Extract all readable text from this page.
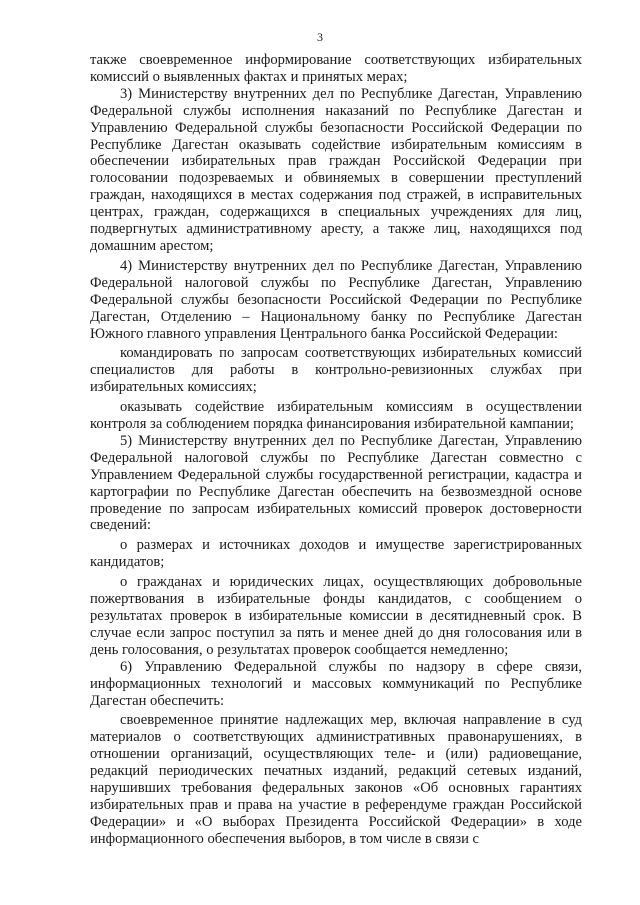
3

также своевременное информирование соответствующих избирательных комиссий о выявленных фактах и принятых мерах;

3) Министерству внутренних дел по Республике Дагестан, Управлению Федеральной службы исполнения наказаний по Республике Дагестан и Управлению Федеральной службы безопасности Российской Федерации по Республике Дагестан оказывать содействие избирательным комиссиям в обеспечении избирательных прав граждан Российской Федерации при голосовании подозреваемых и обвиняемых в совершении преступлений граждан, находящихся в местах содержания под стражей, в исправительных центрах, граждан, содержащихся в специальных учреждениях для лиц, подвергнутых административному аресту, а также лиц, находящихся под домашним арестом;

4) Министерству внутренних дел по Республике Дагестан, Управлению Федеральной налоговой службы по Республике Дагестан, Управлению Федеральной службы безопасности Российской Федерации по Республике Дагестан, Отделению – Национальному банку по Республике Дагестан Южного главного управления Центрального банка Российской Федерации:

командировать по запросам соответствующих избирательных комиссий специалистов для работы в контрольно-ревизионных службах при избирательных комиссиях;

оказывать содействие избирательным комиссиям в осуществлении контроля за соблюдением порядка финансирования избирательной кампании;

5) Министерству внутренних дел по Республике Дагестан, Управлению Федеральной налоговой службы по Республике Дагестан совместно с Управлением Федеральной службы государственной регистрации, кадастра и картографии по Республике Дагестан обеспечить на безвозмездной основе проведение по запросам избирательных комиссий проверок достоверности сведений:

о размерах и источниках доходов и имуществе зарегистрированных кандидатов;

о гражданах и юридических лицах, осуществляющих добровольные пожертвования в избирательные фонды кандидатов, с сообщением о результатах проверок в избирательные комиссии в десятидневный срок. В случае если запрос поступил за пять и менее дней до дня голосования или в день голосования, о результатах проверок сообщается немедленно;

6) Управлению Федеральной службы по надзору в сфере связи, информационных технологий и массовых коммуникаций по Республике Дагестан обеспечить:

своевременное принятие надлежащих мер, включая направление в суд материалов о соответствующих административных правонарушениях, в отношении организаций, осуществляющих теле- и (или) радиовещание, редакций периодических печатных изданий, редакций сетевых изданий, нарушивших требования федеральных законов «Об основных гарантиях избирательных прав и права на участие в референдуме граждан Российской Федерации» и «О выборах Президента Российской Федерации» в ходе информационного обеспечения выборов, в том числе в связи с
